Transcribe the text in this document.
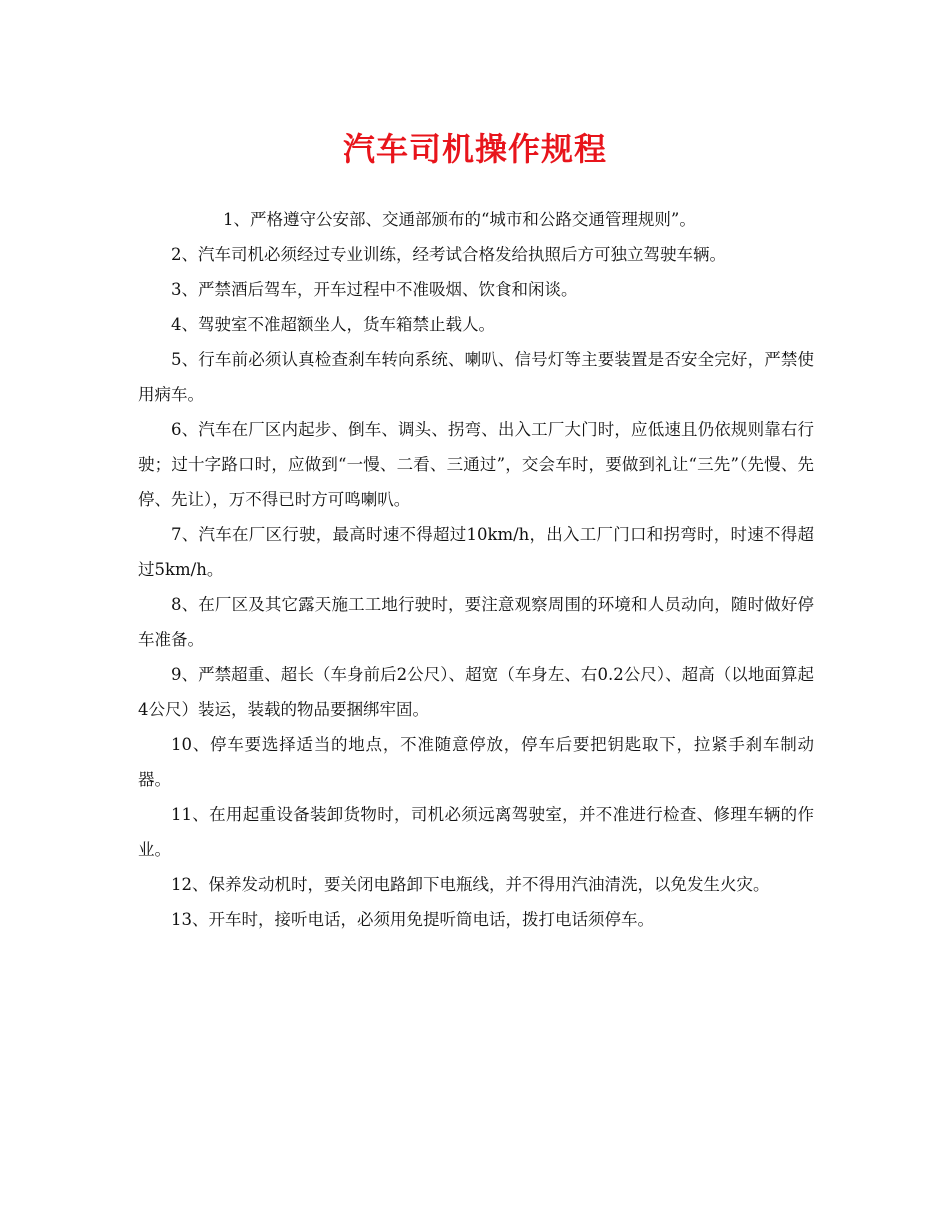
汽车司机操作规程

1、严格遵守公安部、交通部颁布的“城市和公路交通管理规则”。

2、汽车司机必须经过专业训练，经考试合格发给执照后方可独立驾驶车辆。

3、严禁酒后驾车，开车过程中不准吸烟、饮食和闲谈。

4、驾驶室不准超额坐人，货车箱禁止载人。

5、行车前必须认真检查刹车转向系统、喇叭、信号灯等主要装置是否安全完好，严禁使用病车。

6、汽车在厂区内起步、倒车、调头、拐弯、出入工厂大门时，应低速且仍依规则靠右行驶；过十字路口时，应做到“一慢、二看、三通过”，交会车时，要做到礼让“三先”（先慢、先停、先让），万不得已时方可鸣喇叭。

7、汽车在厂区行驶，最高时速不得超过10km/h，出入工厂门口和拐弯时，时速不得超过5km/h。

8、在厂区及其它露天施工工地行驶时，要注意观察周围的环境和人员动向，随时做好停车准备。

9、严禁超重、超长（车身前后2公尺）、超宽（车身左、右0.2公尺）、超高（以地面算起4公尺）装运，装载的物品要捆绑牢固。

10、停车要选择适当的地点，不准随意停放，停车后要把钥匙取下，拉紧手刹车制动器。

11、在用起重设备装卸货物时，司机必须远离驾驶室，并不准进行检查、修理车辆的作业。

12、保养发动机时，要关闭电路卸下电瓶线，并不得用汽油清洗，以免发生火灾。

13、开车时，接听电话，必须用免提听筒电话，拨打电话须停车。
